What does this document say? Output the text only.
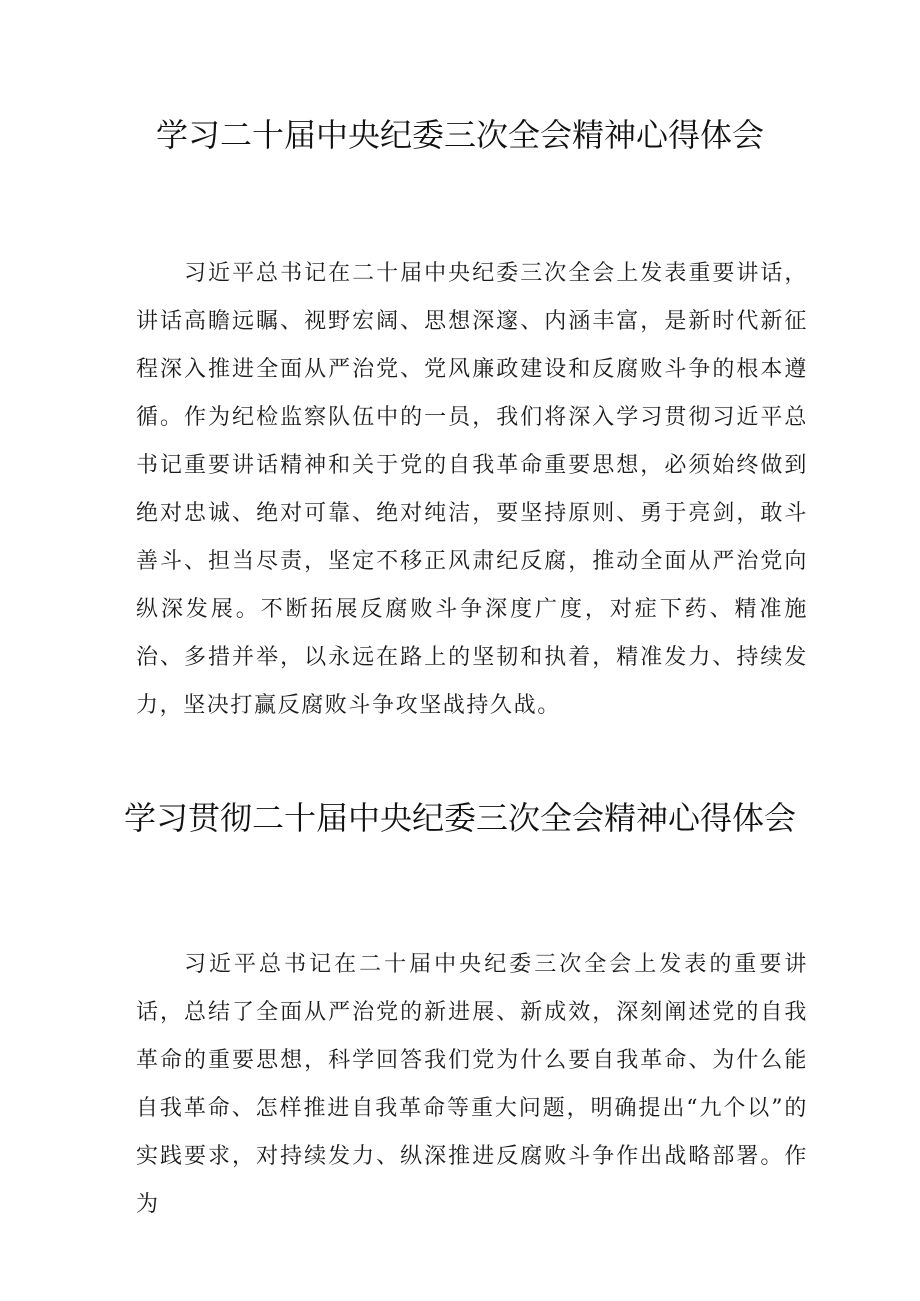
学习二十届中央纪委三次全会精神心得体会

习近平总书记在二十届中央纪委三次全会上发表重要讲话，讲话高瞻远瞩、视野宏阔、思想深邃、内涵丰富，是新时代新征程深入推进全面从严治党、党风廉政建设和反腐败斗争的根本遵循。作为纪检监察队伍中的一员，我们将深入学习贯彻习近平总书记重要讲话精神和关于党的自我革命重要思想，必须始终做到绝对忠诚、绝对可靠、绝对纯洁，要坚持原则、勇于亮剑，敢斗善斗、担当尽责，坚定不移正风肃纪反腐，推动全面从严治党向纵深发展。不断拓展反腐败斗争深度广度，对症下药、精准施治、多措并举，以永远在路上的坚韧和执着，精准发力、持续发力，坚决打赢反腐败斗争攻坚战持久战。

学习贯彻二十届中央纪委三次全会精神心得体会

习近平总书记在二十届中央纪委三次全会上发表的重要讲话，总结了全面从严治党的新进展、新成效，深刻阐述党的自我革命的重要思想，科学回答我们党为什么要自我革命、为什么能自我革命、怎样推进自我革命等重大问题，明确提出“九个以”的实践要求，对持续发力、纵深推进反腐败斗争作出战略部署。作为
